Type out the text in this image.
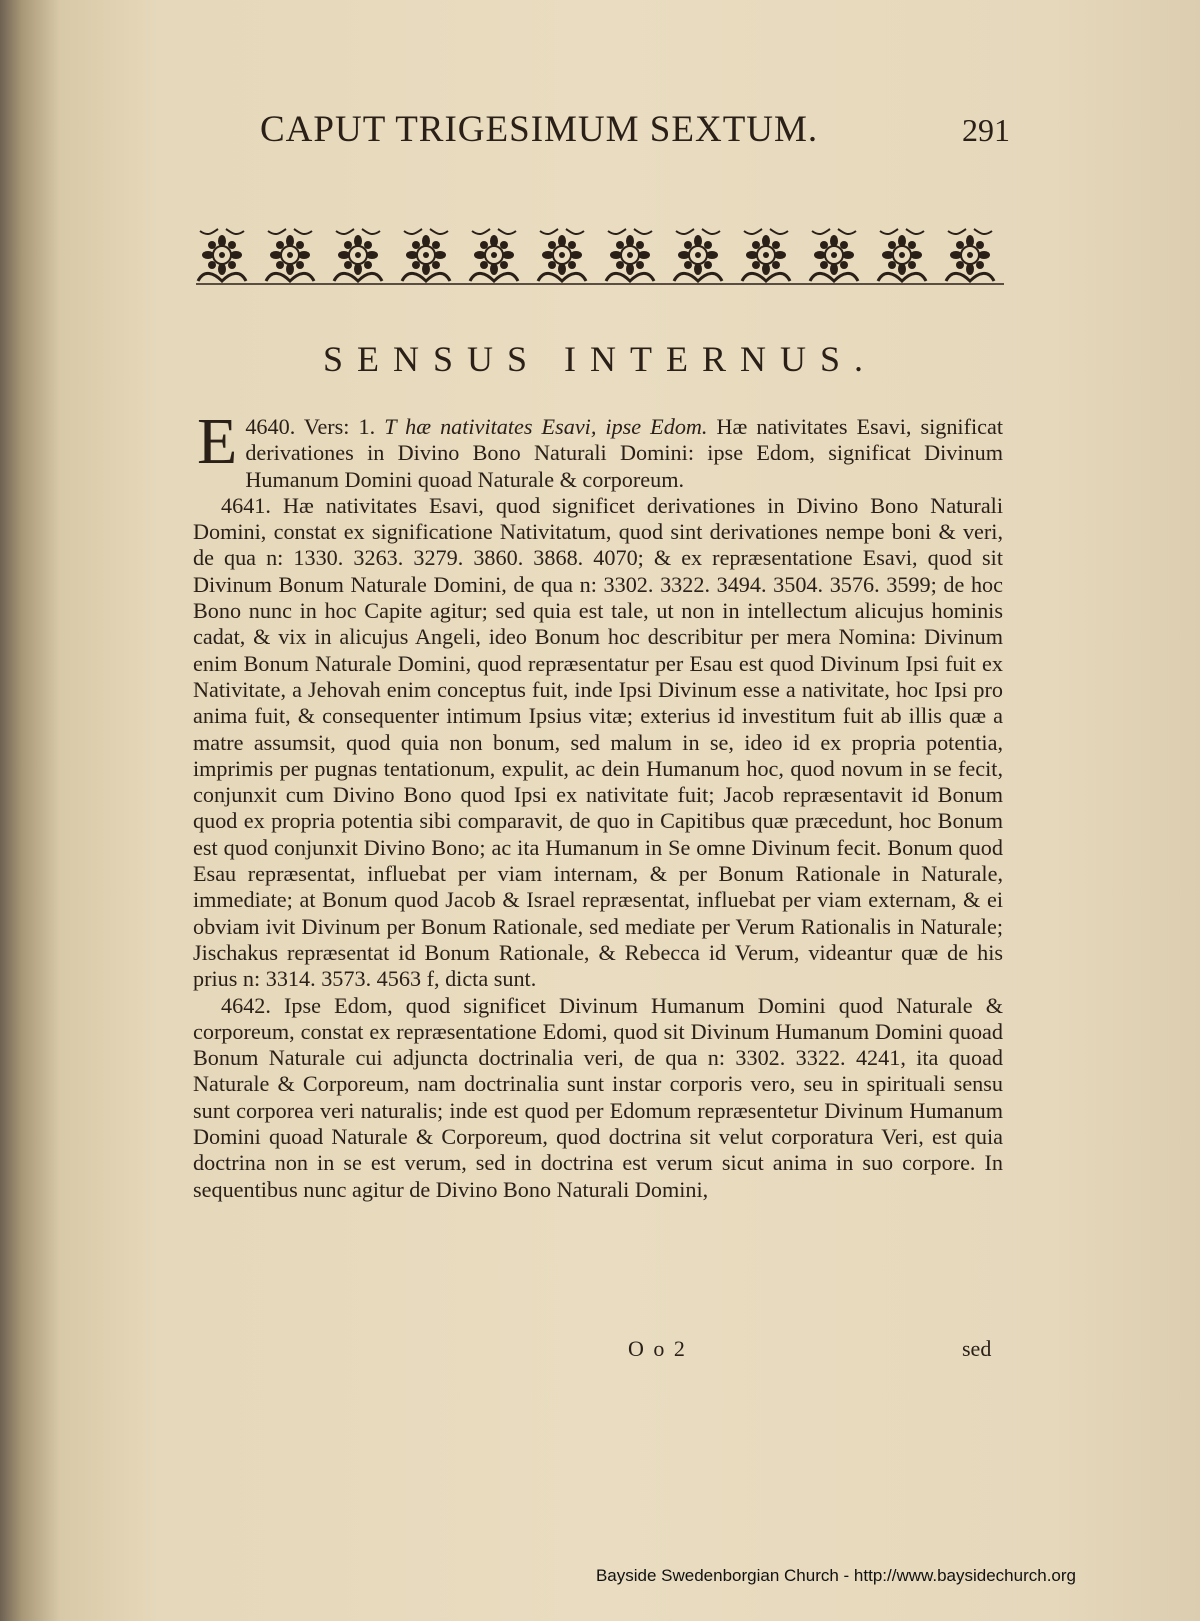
CAPUT TRIGESIMUM SEXTUM.	291
SENSUS INTERNUS.

4640. Vers: 1.
E	T hæ nativitates Esavi, ipse Edom. Hæ nativitates Esavi, significat derivationes in Divino Bono Naturali Domini: ipse Edom, significat Divinum Humanum Domini quoad Naturale & corporeum.

4641. Hæ nativitates Esavi, quod significet derivationes in Divino Bono Naturali Domini, constat ex significatione Nativitatum, quod sint derivationes nempe boni & veri, de qua n: 1330. 3263. 3279. 3860. 3868. 4070; & ex repræsentatione Esavi, quod sit Divinum Bonum Naturale Domini, de qua n: 3302. 3322. 3494. 3504. 3576. 3599; de hoc Bono nunc in hoc Capite agitur; sed quia est tale, ut non in intellectum alicujus hominis cadat, & vix in alicujus Angeli, ideo Bonum hoc describitur per mera Nomina: Divinum enim Bonum Naturale Domini, quod repræsentatur per Esau est quod Divinum Ipsi fuit ex Nativitate, a Jehovah enim conceptus fuit, inde Ipsi Divinum esse a nativitate, hoc Ipsi pro anima fuit, & consequenter intimum Ipsius vitæ; exterius id investitum fuit ab illis quæ a matre assumsit, quod quia non bonum, sed malum in se, ideo id ex propria potentia, imprimis per pugnas tentationum, expulit, ac dein Humanum hoc, quod novum in se fecit, conjunxit cum Divino Bono quod Ipsi ex nativitate fuit; Jacob repræsentavit id Bonum quod ex propria potentia sibi comparavit, de quo in Capitibus quæ præcedunt, hoc Bonum est quod conjunxit Divino Bono; ac ita Humanum in Se omne Divinum fecit. Bonum quod Esau repræsentat, influebat per viam internam, & per Bonum Rationale in Naturale, immediate; at Bonum quod Jacob & Israel repræsentat, influebat per viam externam, & ei obviam ivit Divinum per Bonum Rationale, sed mediate per Verum Rationalis in Naturale; Jischakus repræsentat id Bonum Rationale, & Rebecca id Verum, videantur quæ de his prius n: 3314. 3573. 4563 f, dicta sunt.

4642. Ipse Edom, quod significet Divinum Humanum Domini quod Naturale & corporeum, constat ex repræsentatione Edomi, quod sit Divinum Humanum Domini quoad Bonum Naturale cui adjuncta doctrinalia veri, de qua n: 3302. 3322. 4241, ita quoad Naturale & Corporeum, nam doctrinalia sunt instar corporis vero, seu in spirituali sensu sunt corporea veri naturalis; inde est quod per Edomum repræsentetur Divinum Humanum Domini quoad Naturale & Corporeum, quod doctrina sit velut corporatura Veri, est quia doctrina non in se est verum, sed in doctrina est verum sicut anima in suo corpore. In sequentibus nunc agitur de Divino Bono Naturali Domini,

O o 2	sed
Bayside Swedenborgian Church - http://www.baysidechurch.org
